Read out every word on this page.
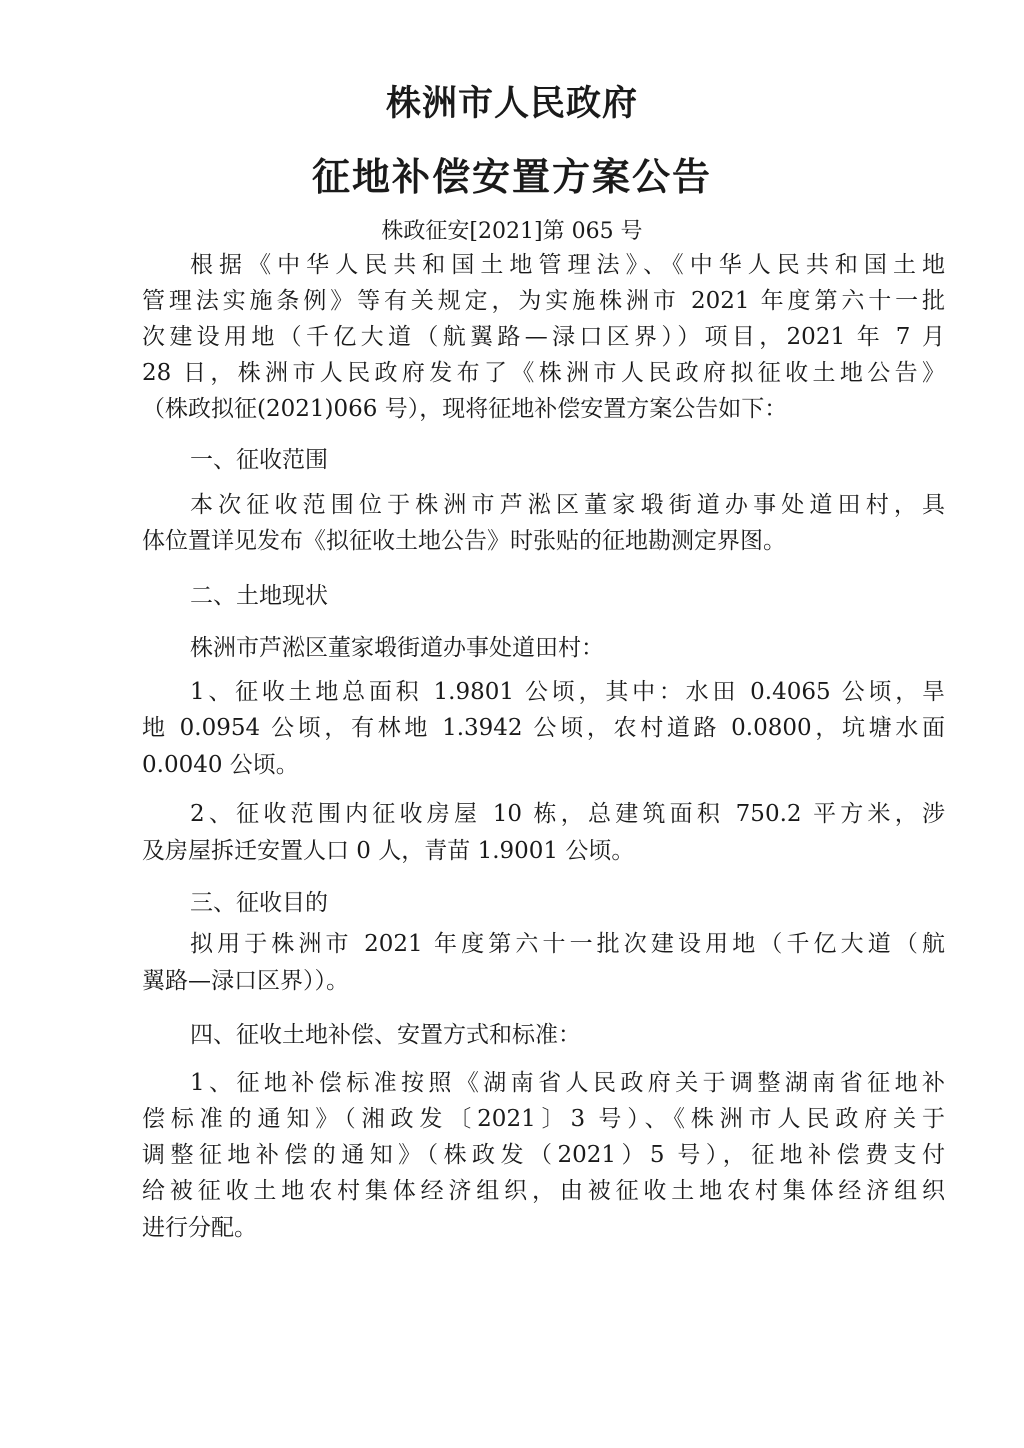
株洲市人民政府
征地补偿安置方案公告
株政征安[2021]第 065 号
根据《中华人民共和国土地管理法》、《中华人民共和国土地
管理法实施条例》等有关规定，为实施株洲市 2021 年度第六十一批
次建设用地（千亿大道（航翼路—渌口区界））项目，2021 年 7 月
28 日，株洲市人民政府发布了《株洲市人民政府拟征收土地公告》
（株政拟征(2021)066 号），现将征地补偿安置方案公告如下：
一、征收范围
本次征收范围位于株洲市芦淞区董家塅街道办事处道田村，具
体位置详见发布《拟征收土地公告》时张贴的征地勘测定界图。
二、土地现状
株洲市芦淞区董家塅街道办事处道田村：
1、征收土地总面积 1.9801 公顷，其中：水田 0.4065 公顷，旱
地 0.0954 公顷，有林地 1.3942 公顷，农村道路 0.0800，坑塘水面
0.0040 公顷。
2、征收范围内征收房屋 10 栋，总建筑面积 750.2 平方米，涉
及房屋拆迁安置人口 0 人，青苗 1.9001 公顷。
三、征收目的
拟用于株洲市 2021 年度第六十一批次建设用地（千亿大道（航
翼路—渌口区界））。
四、征收土地补偿、安置方式和标准：
1、征地补偿标准按照《湖南省人民政府关于调整湖南省征地补
偿标准的通知》（湘政发〔2021〕3 号）、《株洲市人民政府关于
调整征地补偿的通知》（株政发（2021）5 号），征地补偿费支付
给被征收土地农村集体经济组织，由被征收土地农村集体经济组织
进行分配。
